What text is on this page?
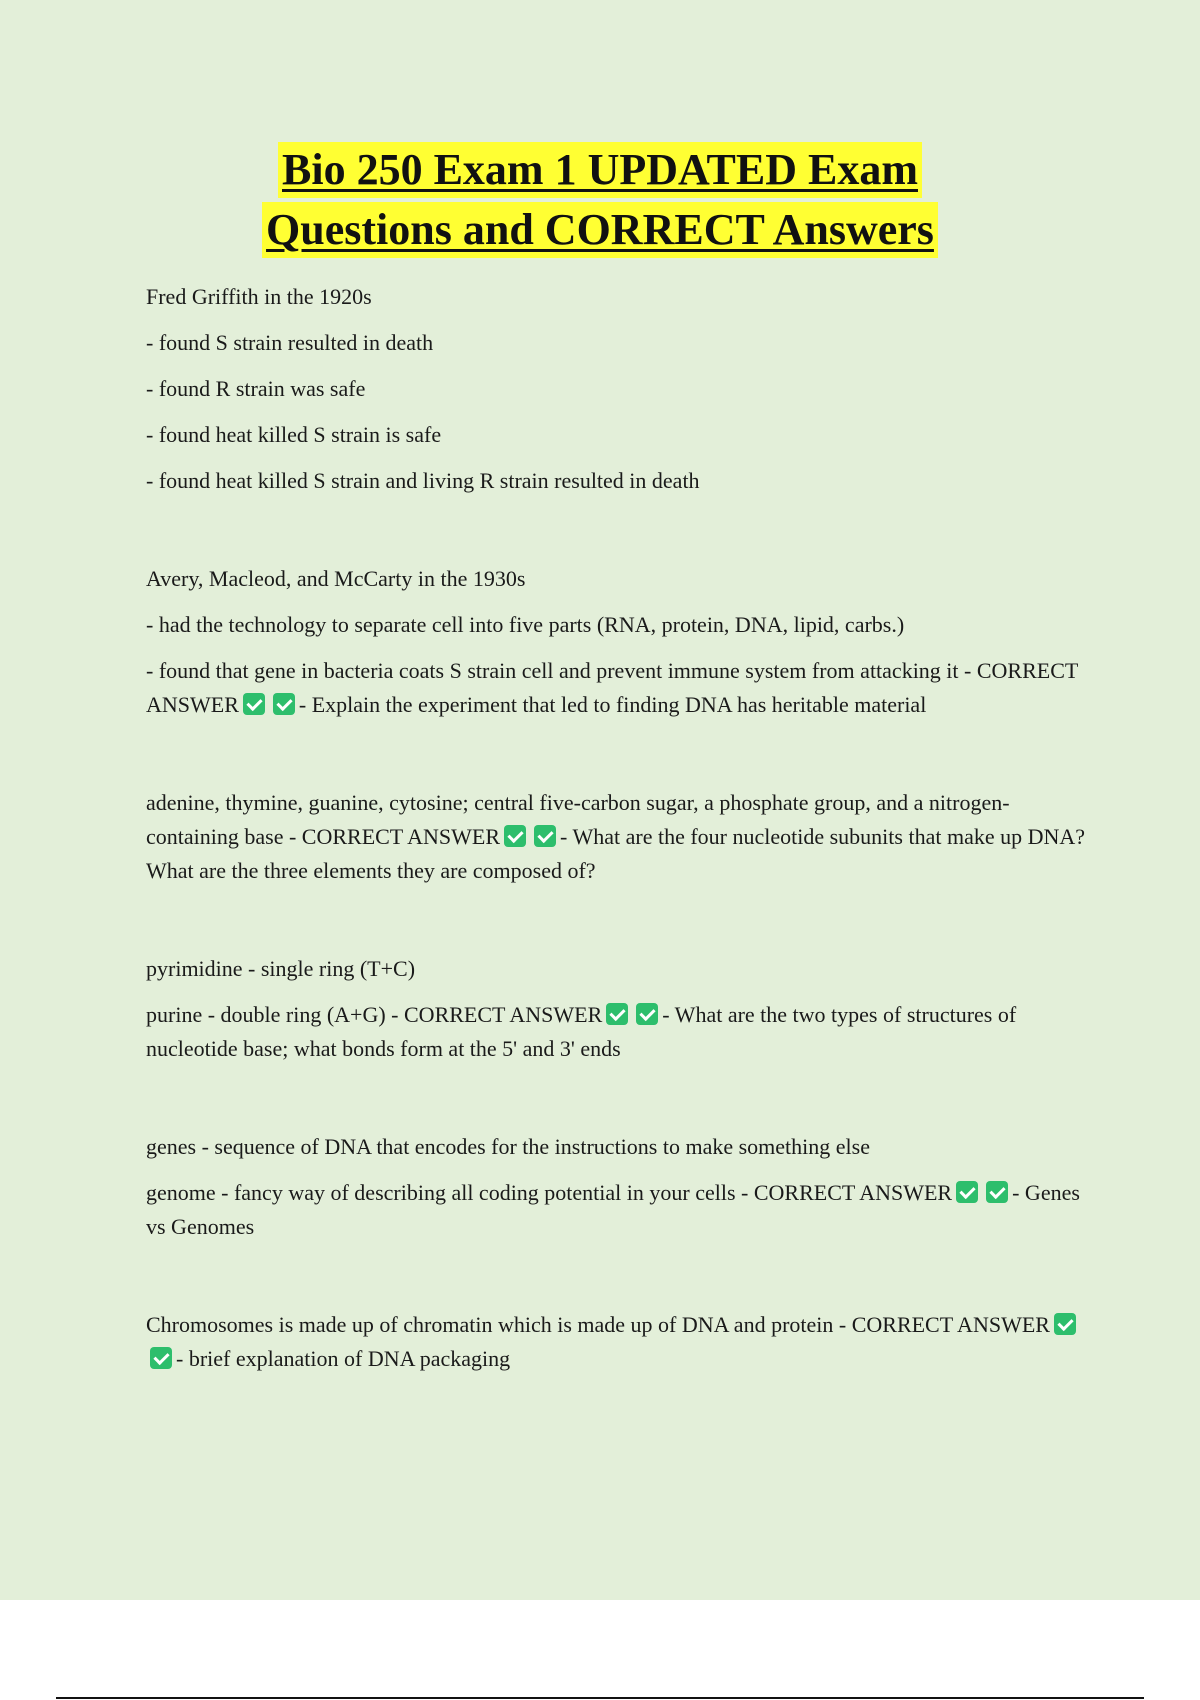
Bio 250 Exam 1 UPDATED Exam
Questions and CORRECT Answers

Fred Griffith in the 1920s

- found S strain resulted in death

- found R strain was safe

- found heat killed S strain is safe

- found heat killed S strain and living R strain resulted in death

Avery, Macleod, and McCarty in the 1930s

- had the technology to separate cell into five parts (RNA, protein, DNA, lipid, carbs.)

- found that gene in bacteria coats S strain cell and prevent immune system from attacking it - CORRECT ANSWER	- Explain the experiment that led to finding DNA has heritable material

adenine, thymine, guanine, cytosine; central five-carbon sugar, a phosphate group, and a nitrogen-containing base - CORRECT ANSWER	- What are the four nucleotide subunits that make up DNA? What are the three elements they are composed of?

pyrimidine - single ring (T+C)

purine - double ring (A+G) - CORRECT ANSWER	- What are the two types of structures of nucleotide base; what bonds form at the 5' and 3' ends

genes - sequence of DNA that encodes for the instructions to make something else

genome - fancy way of describing all coding potential in your cells - CORRECT ANSWER	- Genes vs Genomes

Chromosomes is made up of chromatin which is made up of DNA and protein - CORRECT ANSWER- brief explanation of DNA packaging
